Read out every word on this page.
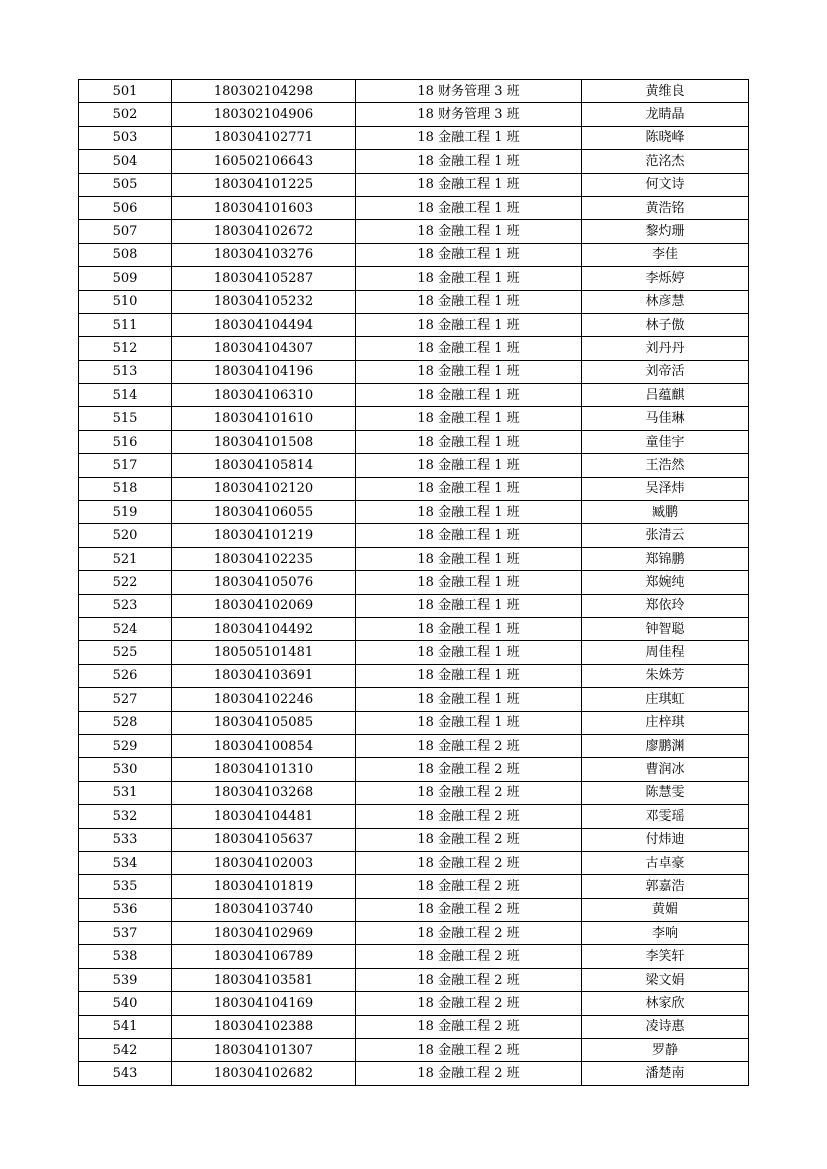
501	180302104298	18 财务管理 3 班	黄维良
502	180302104906	18 财务管理 3 班	龙睛晶
503	180304102771	18 金融工程 1 班	陈晓峰
504	160502106643	18 金融工程 1 班	范洺杰
505	180304101225	18 金融工程 1 班	何文诗
506	180304101603	18 金融工程 1 班	黄浩铭
507	180304102672	18 金融工程 1 班	黎灼珊
508	180304103276	18 金融工程 1 班	李佳
509	180304105287	18 金融工程 1 班	李烁婷
510	180304105232	18 金融工程 1 班	林彦慧
511	180304104494	18 金融工程 1 班	林子傲
512	180304104307	18 金融工程 1 班	刘丹丹
513	180304104196	18 金融工程 1 班	刘帝活
514	180304106310	18 金融工程 1 班	吕蕴麒
515	180304101610	18 金融工程 1 班	马佳琳
516	180304101508	18 金融工程 1 班	童佳宇
517	180304105814	18 金融工程 1 班	王浩然
518	180304102120	18 金融工程 1 班	吴泽炜
519	180304106055	18 金融工程 1 班	臧鹏
520	180304101219	18 金融工程 1 班	张清云
521	180304102235	18 金融工程 1 班	郑锦鹏
522	180304105076	18 金融工程 1 班	郑婉纯
523	180304102069	18 金融工程 1 班	郑依玲
524	180304104492	18 金融工程 1 班	钟智聪
525	180505101481	18 金融工程 1 班	周佳程
526	180304103691	18 金融工程 1 班	朱姝芳
527	180304102246	18 金融工程 1 班	庄琪虹
528	180304105085	18 金融工程 1 班	庄梓琪
529	180304100854	18 金融工程 2 班	廖鹏渊
530	180304101310	18 金融工程 2 班	曹润冰
531	180304103268	18 金融工程 2 班	陈慧雯
532	180304104481	18 金融工程 2 班	邓雯瑶
533	180304105637	18 金融工程 2 班	付炜迪
534	180304102003	18 金融工程 2 班	古卓豪
535	180304101819	18 金融工程 2 班	郭嘉浩
536	180304103740	18 金融工程 2 班	黄媚
537	180304102969	18 金融工程 2 班	李响
538	180304106789	18 金融工程 2 班	李笑轩
539	180304103581	18 金融工程 2 班	梁文娟
540	180304104169	18 金融工程 2 班	林家欣
541	180304102388	18 金融工程 2 班	凌诗惠
542	180304101307	18 金融工程 2 班	罗静
543	180304102682	18 金融工程 2 班	潘楚南
